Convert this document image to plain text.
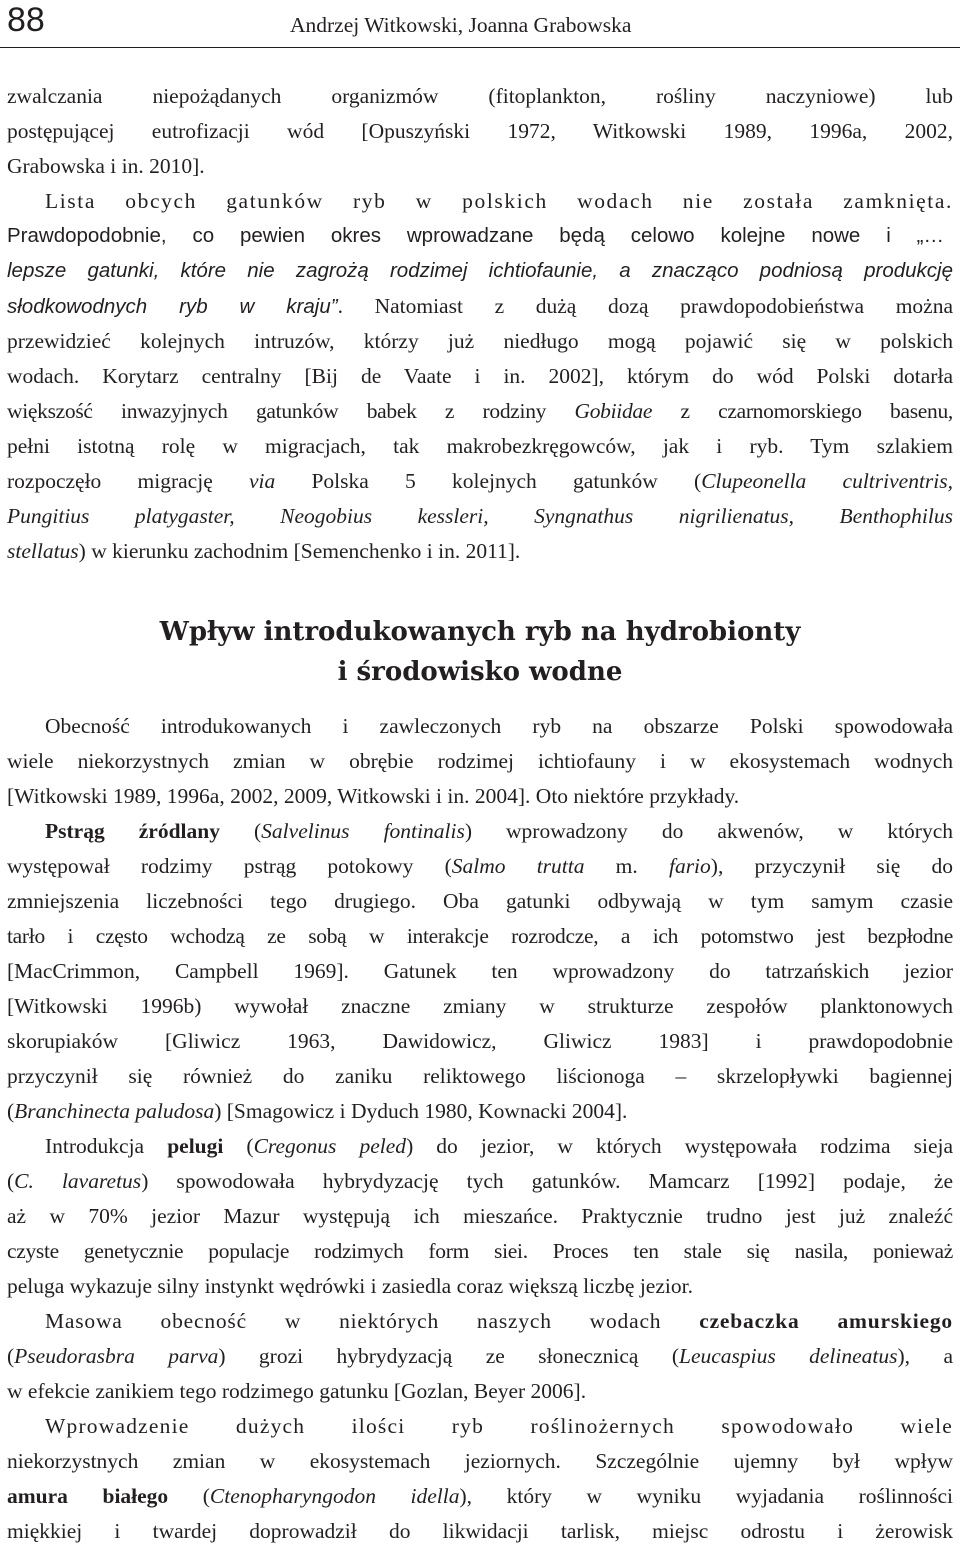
88	Andrzej Witkowski, Joanna Grabowska
zwalczania niepożądanych organizmów (fitoplankton, rośliny naczyniowe) lub
postępującej eutrofizacji wód [Opuszyński 1972, Witkowski 1989, 1996a, 2002,
Grabowska i in. 2010].
Lista obcych gatunków ryb w polskich wodach nie została zamknięta.
Prawdopodobnie, co pewien okres wprowadzane będą celowo kolejne nowe i „…
lepsze gatunki, które nie zagrożą rodzimej ichtiofaunie, a znacząco podniosą produkcję
słodkowodnych ryb w kraju”. Natomiast z dużą dozą prawdopodobieństwa można
przewidzieć kolejnych intruzów, którzy już niedługo mogą pojawić się w polskich
wodach. Korytarz centralny [Bij de Vaate i in. 2002], którym do wód Polski dotarła
większość inwazyjnych gatunków babek z rodziny Gobiidae z czarnomorskiego basenu,
pełni istotną rolę w migracjach, tak makrobezkręgowców, jak i ryb. Tym szlakiem
rozpoczęło migrację via Polska 5 kolejnych gatunków (Clupeonella cultriventris,
Pungitius platygaster, Neogobius kessleri, Syngnathus nigrilienatus, Benthophilus
stellatus) w kierunku zachodnim [Semenchenko i in. 2011].
Wpływ introdukowanych ryb na hydrobionty
i środowisko wodne
Obecność introdukowanych i zawleczonych ryb na obszarze Polski spowodowała
wiele niekorzystnych zmian w obrębie rodzimej ichtiofauny i w ekosystemach wodnych
[Witkowski 1989, 1996a, 2002, 2009, Witkowski i in. 2004]. Oto niektóre przykłady.
Pstrąg źródlany (Salvelinus fontinalis) wprowadzony do akwenów, w których
występował rodzimy pstrąg potokowy (Salmo trutta m. fario), przyczynił się do
zmniejszenia liczebności tego drugiego. Oba gatunki odbywają w tym samym czasie
tarło i często wchodzą ze sobą w interakcje rozrodcze, a ich potomstwo jest bezpłodne
[MacCrimmon, Campbell 1969]. Gatunek ten wprowadzony do tatrzańskich jezior
[Witkowski 1996b) wywołał znaczne zmiany w strukturze zespołów planktonowych
skorupiaków [Gliwicz 1963, Dawidowicz, Gliwicz 1983] i prawdopodobnie
przyczynił się również do zaniku reliktowego liścionoga – skrzelopływki bagiennej
(Branchinecta paludosa) [Smagowicz i Dyduch 1980, Kownacki 2004].
Introdukcja pelugi (Cregonus peled) do jezior, w których występowała rodzima sieja
(C. lavaretus) spowodowała hybrydyzację tych gatunków. Mamcarz [1992] podaje, że
aż w 70% jezior Mazur występują ich mieszańce. Praktycznie trudno jest już znaleźć
czyste genetycznie populacje rodzimych form siei. Proces ten stale się nasila, ponieważ
peluga wykazuje silny instynkt wędrówki i zasiedla coraz większą liczbę jezior.
Masowa obecność w niektórych naszych wodach czebaczka amurskiego
(Pseudorasbra parva) grozi hybrydyzacją ze słonecznicą (Leucaspius delineatus), a
w efekcie zanikiem tego rodzimego gatunku [Gozlan, Beyer 2006].
Wprowadzenie dużych ilości ryb roślinożernych spowodowało wiele
niekorzystnych zmian w ekosystemach jeziornych. Szczególnie ujemny był wpływ
amura białego (Ctenopharyngodon idella), który w wyniku wyjadania roślinności
miękkiej i twardej doprowadził do likwidacji tarlisk, miejsc odrostu i żerowisk
